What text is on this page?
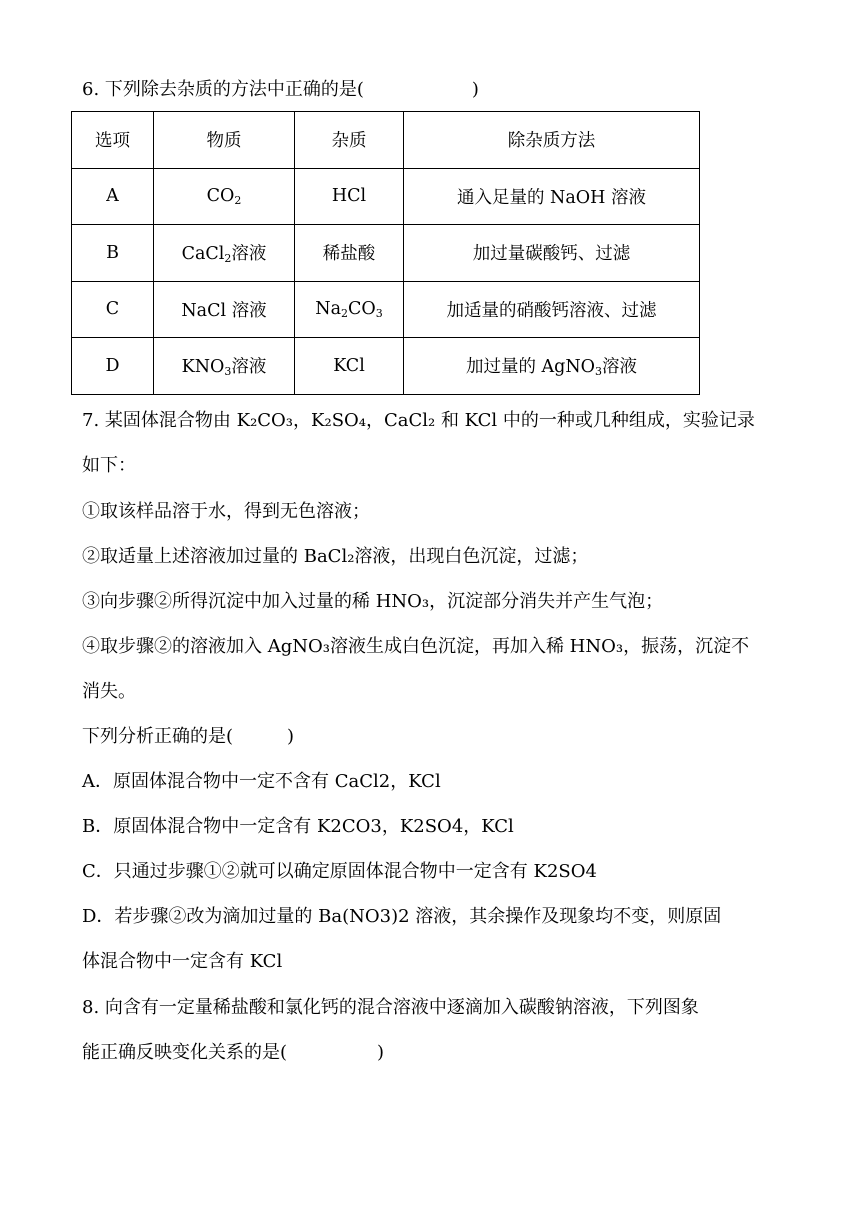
6. 下列除去杂质的方法中正确的是(　　　　　　)
选项	物质	杂质	除杂质方法
A	$CO_2$	HCl	通入足量的 NaOH 溶液
B	CaCl$_2$溶液	稀盐酸	加过量碳酸钙、过滤
C	NaCl 溶液	$Na_2CO_3$	加适量的硝酸钙溶液、过滤
D	$KNO_3$溶液	KCl	加过量的 AgNO$_3$溶液
7. 某固体混合物由 K₂CO₃，K₂SO₄，CaCl₂ 和 KCl 中的一种或几种组成，实验记录
如下：
①取该样品溶于水，得到无色溶液；
②取适量上述溶液加过量的 BaCl₂溶液，出现白色沉淀，过滤；
③向步骤②所得沉淀中加入过量的稀 HNO₃，沉淀部分消失并产生气泡；
④取步骤②的溶液加入 AgNO₃溶液生成白色沉淀，再加入稀 HNO₃，振荡，沉淀不
消失。
下列分析正确的是(　　　)
A．原固体混合物中一定不含有 CaCl2，KCl
B．原固体混合物中一定含有 K2CO3，K2SO4，KCl
C．只通过步骤①②就可以确定原固体混合物中一定含有 K2SO4
D．若步骤②改为滴加过量的 Ba(NO3)2 溶液，其余操作及现象均不变，则原固
体混合物中一定含有 KCl
8. 向含有一定量稀盐酸和氯化钙的混合溶液中逐滴加入碳酸钠溶液，下列图象
能正确反映变化关系的是(　　　　　)
